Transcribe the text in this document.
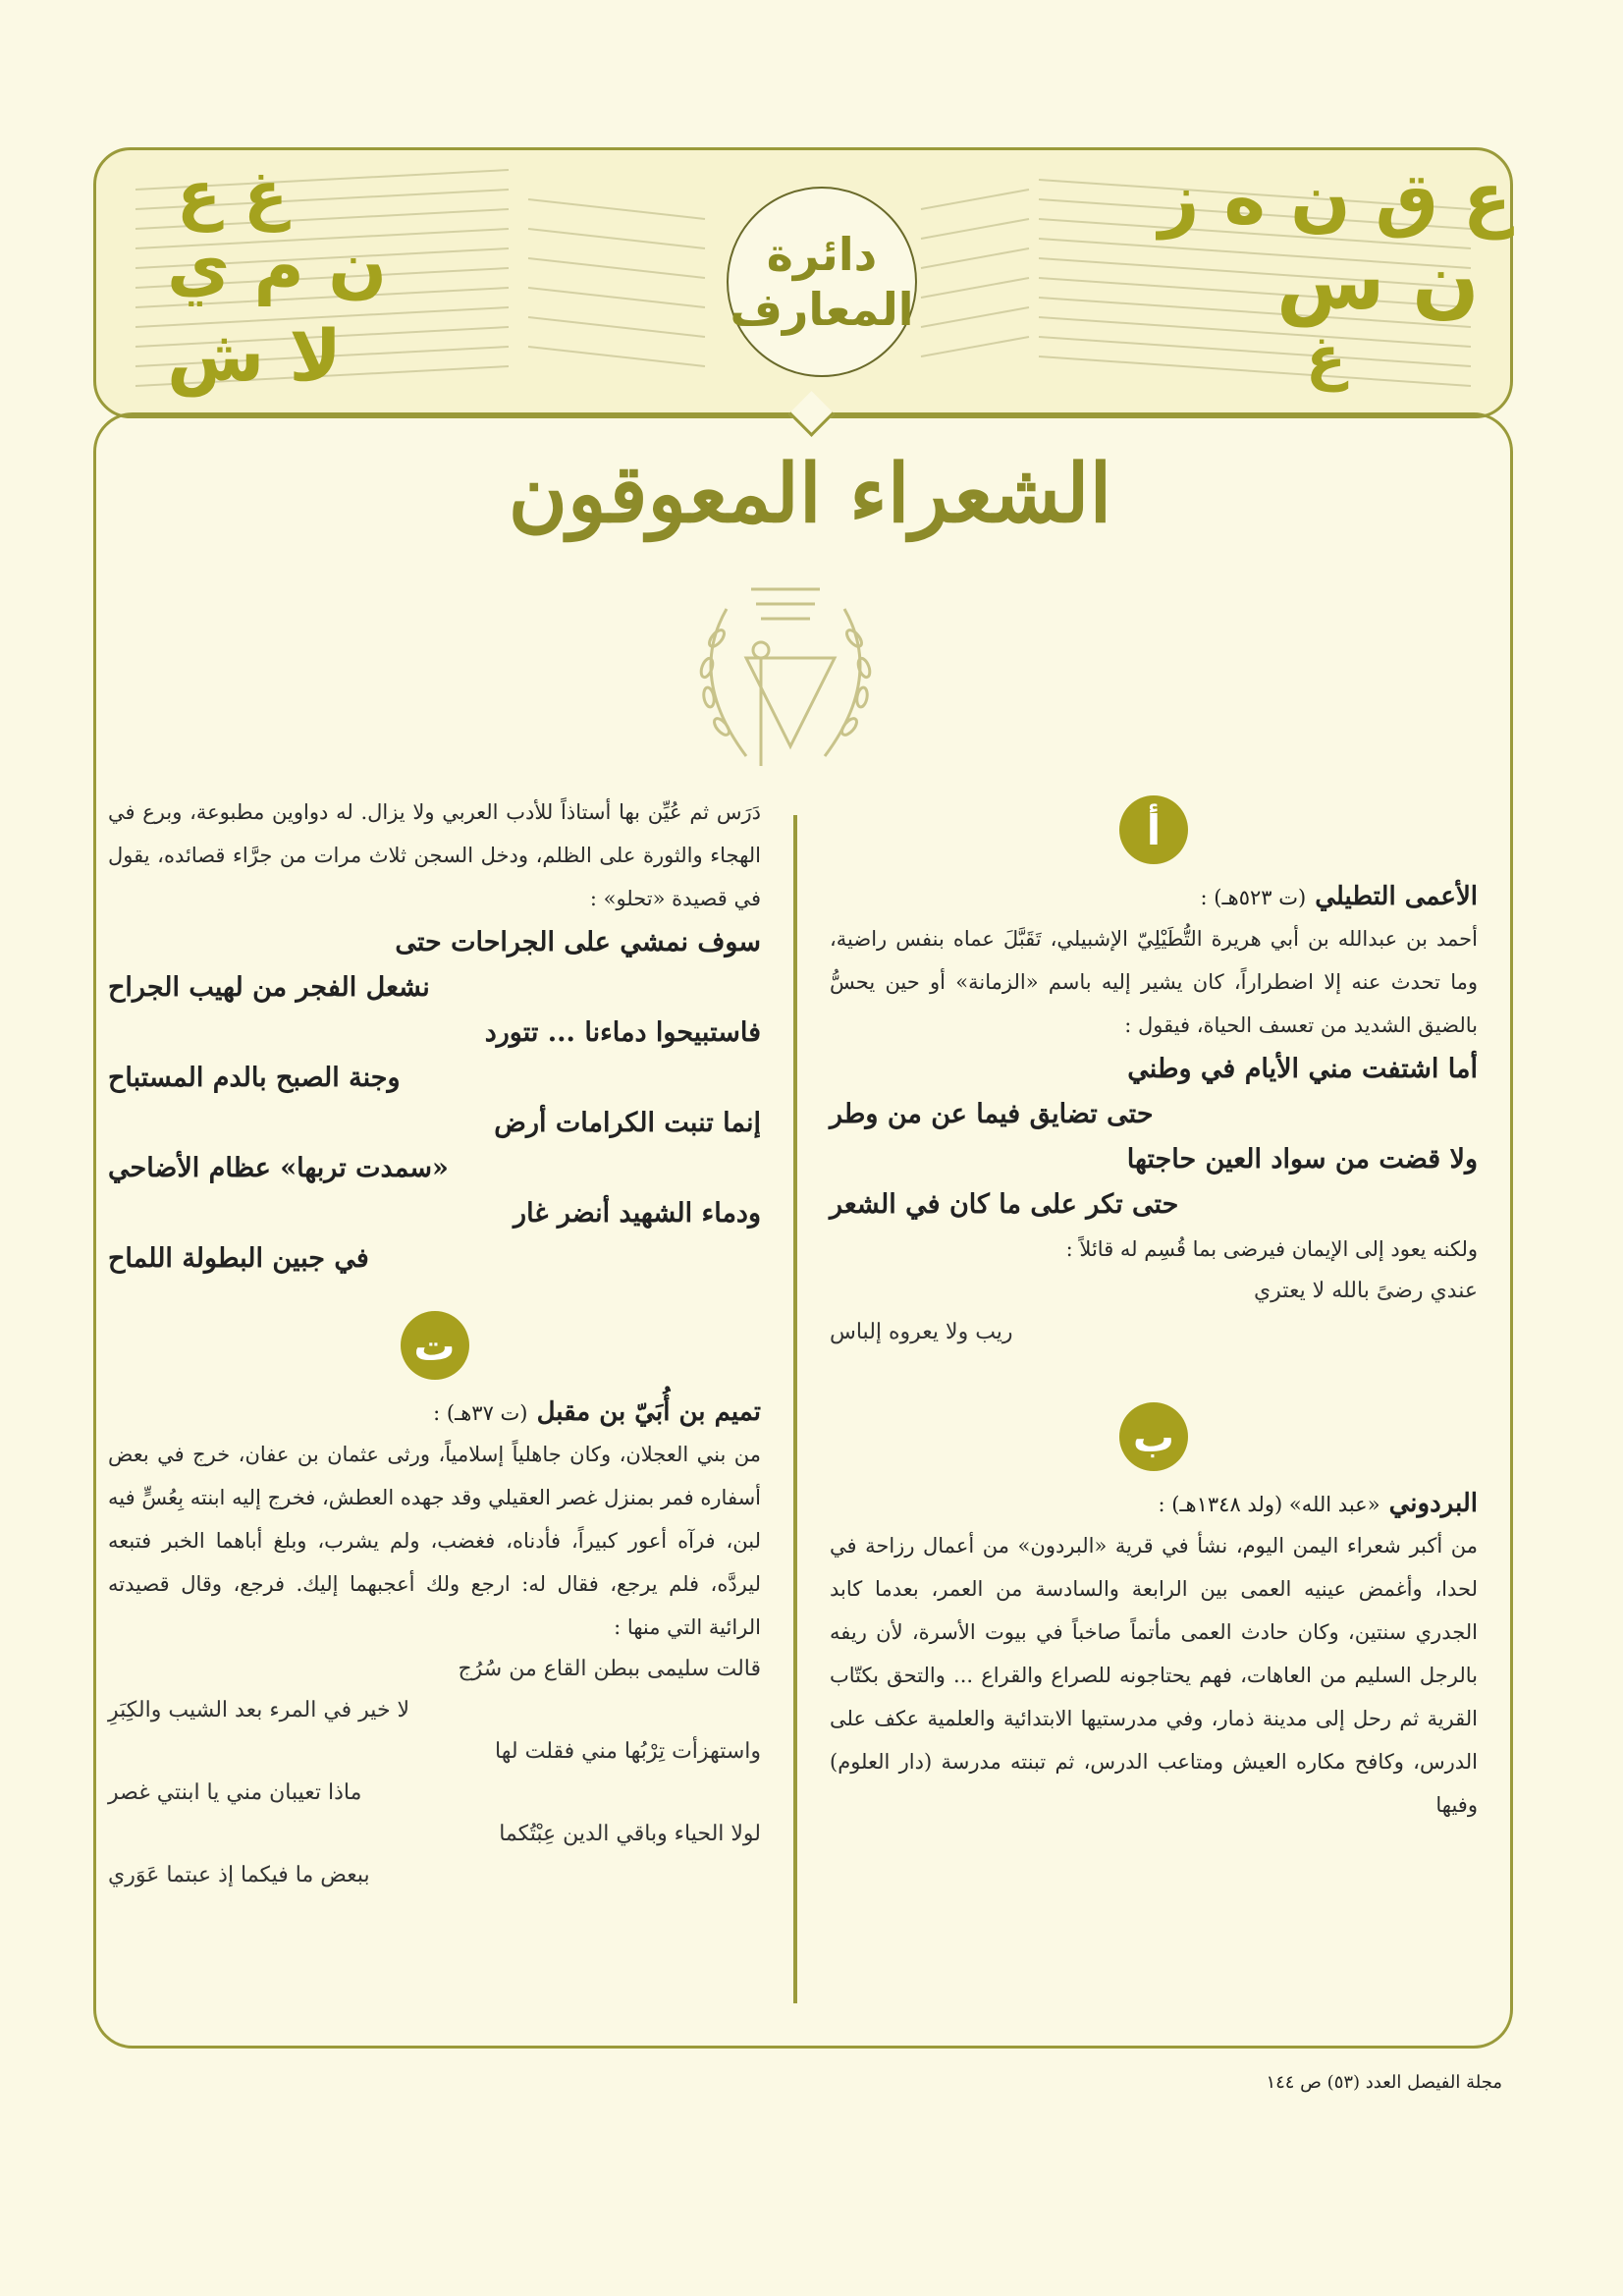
ع ق ن ه ز
ن س
غ
غ ع
ن م ي
لا ش
دائرة
المعارف
الشعراء المعوقون
أ

الأعمى التطيلي (ت ٥٢٣هـ) :

أحمد بن عبدالله بن أبي هريرة التُّطَيْلِيّ الإشبيلي، تَقَبَّلَ عماه بنفس راضية، وما تحدث عنه إلا اضطراراً، كان يشير إليه باسم «الزمانة» أو حين يحسُّ بالضيق الشديد من تعسف الحياة، فيقول :

أما اشتفت مني الأيام في وطني

حتى تضايق فيما عن من وطر

ولا قضت من سواد العين حاجتها

حتى تكر على ما كان في الشعر

ولكنه يعود إلى الإيمان فيرضى بما قُسِم له قائلاً :

عندي رضىً بالله لا يعتري

ريب ولا يعروه إلباس

ب

البردوني «عبد الله» (ولد ١٣٤٨هـ) :

من أكبر شعراء اليمن اليوم، نشأ في قرية «البردون» من أعمال رزاحة في لحدا، وأغمض عينيه العمى بين الرابعة والسادسة من العمر، بعدما كابد الجدري سنتين، وكان حادث العمى مأتماً صاخباً في بيوت الأسرة، لأن ريفه بالرجل السليم من العاهات، فهم يحتاجونه للصراع والقراع ... والتحق بكتّاب القرية ثم رحل إلى مدينة ذمار، وفي مدرستيها الابتدائية والعلمية عكف على الدرس، وكافح مكاره العيش ومتاعب الدرس، ثم تبنته مدرسة (دار العلوم) وفيها

دَرَس ثم عُيِّن بها أستاذاً للأدب العربي ولا يزال. له دواوين مطبوعة، وبرع في الهجاء والثورة على الظلم، ودخل السجن ثلاث مرات من جرَّاء قصائده، يقول في قصيدة «تحلو» :

سوف نمشي على الجراحات حتى

نشعل الفجر من لهيب الجراح

فاستبيحوا دماءنا ... تتورد

وجنة الصبح بالدم المستباح

إنما تنبت الكرامات أرض

«سمدت تربها» عظام الأضاحي

ودماء الشهيد أنضر غار

في جبين البطولة اللماح

ت

تميم بن أُبَيّ بن مقبل (ت ٣٧هـ) :

من بني العجلان، وكان جاهلياً إسلامياً، ورثى عثمان بن عفان، خرج في بعض أسفاره فمر بمنزل غصر العقيلي وقد جهده العطش، فخرج إليه ابنته بِعُسٍّ فيه لبن، فرآه أعور كبيراً، فأدناه، فغضب، ولم يشرب، وبلغ أباهما الخبر فتبعه ليردَّه، فلم يرجع، فقال له: ارجع ولك أعجبهما إليك. فرجع، وقال قصيدته الرائية التي منها :

قالت سليمى ببطن القاع من سُرُج

لا خير في المرء بعد الشيب والكِبَرِ

واستهزأت تِرْبُها مني فقلت لها

ماذا تعيبان مني يا ابنتي غصر

لولا الحياء وباقي الدين عِبْتُكما

ببعض ما فيكما إذ عبتما عَوَري

مجلة الفيصل العدد (٥٣) ص ١٤٤
